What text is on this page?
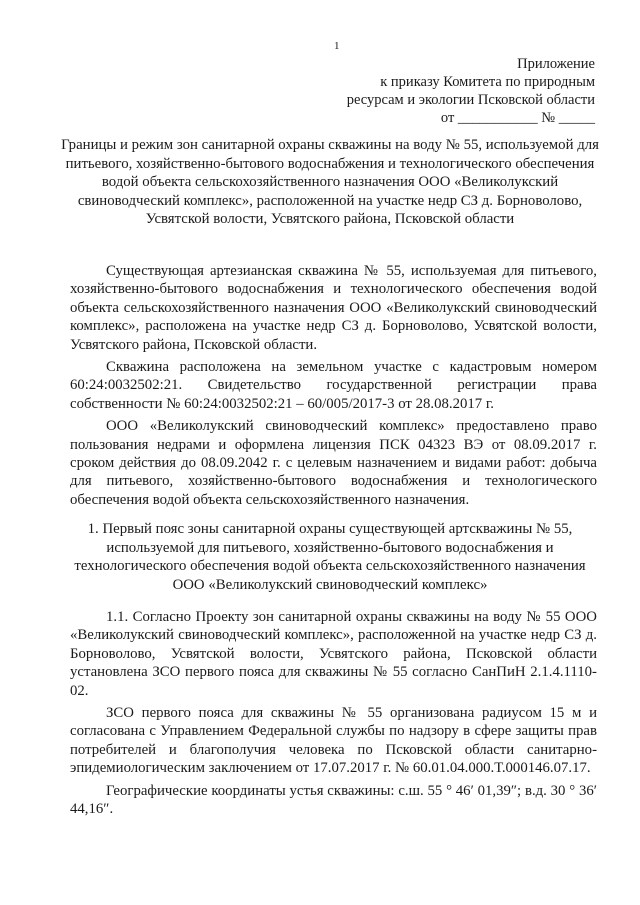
1
Приложение
к приказу Комитета по природным
ресурсам и экологии Псковской области
от ___________ № _____
Границы и режим зон санитарной охраны скважины на воду № 55, используемой для питьевого, хозяйственно-бытового водоснабжения и технологического обеспечения водой объекта сельскохозяйственного назначения ООО «Великолукский свиноводческий комплекс», расположенной на участке недр СЗ д. Борноволово, Усвятской волости, Усвятского района, Псковской области

Существующая артезианская скважина № 55, используемая для питьевого, хозяйственно-бытового водоснабжения и технологического обеспечения водой объекта сельскохозяйственного назначения ООО «Великолукский свиноводческий комплекс», расположена на участке недр СЗ д. Борноволово, Усвятской волости, Усвятского района, Псковской области.

Скважина расположена на земельном участке с кадастровым номером 60:24:0032502:21. Свидетельство государственной регистрации права собственности № 60:24:0032502:21 – 60/005/2017-3 от 28.08.2017 г.

ООО «Великолукский свиноводческий комплекс» предоставлено право пользования недрами и оформлена лицензия ПСК 04323 ВЭ от 08.09.2017 г. сроком действия до 08.09.2042 г. с целевым назначением и видами работ: добыча для питьевого, хозяйственно-бытового водоснабжения и технологического обеспечения водой объекта сельскохозяйственного назначения.

1. Первый пояс зоны санитарной охраны существующей артскважины № 55, используемой для питьевого, хозяйственно-бытового водоснабжения и технологического обеспечения водой объекта сельскохозяйственного назначения ООО «Великолукский свиноводческий комплекс»

1.1. Согласно Проекту зон санитарной охраны скважины на воду № 55 ООО «Великолукский свиноводческий комплекс», расположенной на участке недр СЗ д. Борноволово, Усвятской волости, Усвятского района, Псковской области установлена ЗСО первого пояса для скважины № 55 согласно СанПиН 2.1.4.1110-02.

ЗСО первого пояса для скважины № 55 организована радиусом 15 м и согласована с Управлением Федеральной службы по надзору в сфере защиты прав потребителей и благополучия человека по Псковской области санитарно-эпидемиологическим заключением от 17.07.2017 г. № 60.01.04.000.Т.000146.07.17.

Географические координаты устья скважины: с.ш. 55 ° 46′ 01,39″; в.д. 30 ° 36′ 44,16″.
